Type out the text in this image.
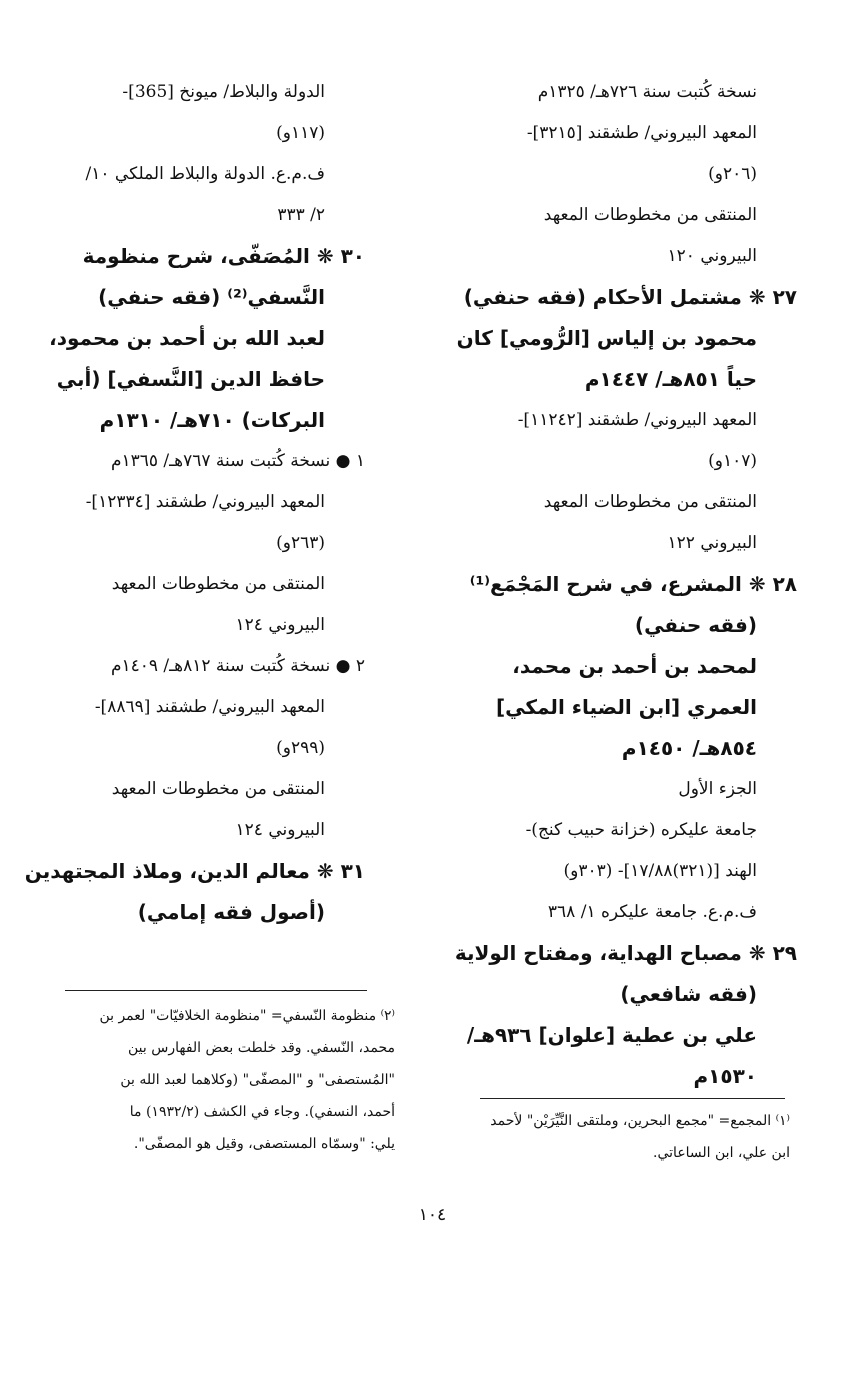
نسخة كُتبت سنة ٧٢٦هـ/ ١٣٢٥م
المعهد البيروني/ طشقند [٣٢١٥]-
(٢٠٦و)
المنتقى من مخطوطات المعهد
البيروني ١٢٠
٢٧ ❋ مشتمل الأحكام (فقه حنفي)
محمود بن إلياس [الرُّومي] كان
حياً ٨٥١هـ/ ١٤٤٧م
المعهد البيروني/ طشقند [١١٢٤٢]-
(١٠٧و)
المنتقى من مخطوطات المعهد
البيروني ١٢٢
٢٨ ❋ المشرع، في شرح المَجْمَع⁽¹⁾
(فقه حنفي)
لمحمد بن أحمد بن محمد،
العمري [ابن الضياء المكي]
٨٥٤هـ/ ١٤٥٠م
الجزء الأول
جامعة عليكره (خزانة حبيب كنج)-
الهند [(٣٢١)١٧/٨٨]- (٣٠٣و)
ف.م.ع. جامعة عليكره ١/ ٣٦٨
٢٩ ❋ مصباح الهداية، ومفتاح الولاية
(فقه شافعي)
علي بن عطية [علوان] ٩٣٦هـ/
١٥٣٠م
الدولة والبلاط/ ميونخ [365]-
(١١٧و)
ف.م.ع. الدولة والبلاط الملكي ١٠/
٢/ ٣٣٣
٣٠ ❋ المُصَفّى، شرح منظومة
النَّسفي⁽²⁾ (فقه حنفي)
لعبد الله بن أحمد بن محمود،
حافظ الدين [النَّسفي] (أبي
البركات) ٧١٠هـ/ ١٣١٠م
١ ● نسخة كُتبت سنة ٧٦٧هـ/ ١٣٦٥م
المعهد البيروني/ طشقند [١٢٣٣٤]-
(٢٦٣و)
المنتقى من مخطوطات المعهد
البيروني ١٢٤
٢ ● نسخة كُتبت سنة ٨١٢هـ/ ١٤٠٩م
المعهد البيروني/ طشقند [٨٨٦٩]-
(٢٩٩و)
المنتقى من مخطوطات المعهد
البيروني ١٢٤
٣١ ❋ معالم الدين، وملاذ المجتهدين
(أصول فقه إمامي)
⁽٢⁾ منظومة النّسفي= "منظومة الخلافيّات" لعمر بن
محمد، النّسفي. وقد خلطت بعض الفهارس بين
"المُستصفى" و "المصفّى" (وكلاهما لعبد الله بن
أحمد، النسفي). وجاء في الكشف (١٩٣٢/٢) ما
يلي: "وسمّاه المستصفى، وقيل هو المصفّى".
⁽١⁾ المجمع= "مجمع البحرين، وملتقى النَّيِّرَيْن" لأحمد
ابن علي، ابن الساعاتي.
١٠٤
